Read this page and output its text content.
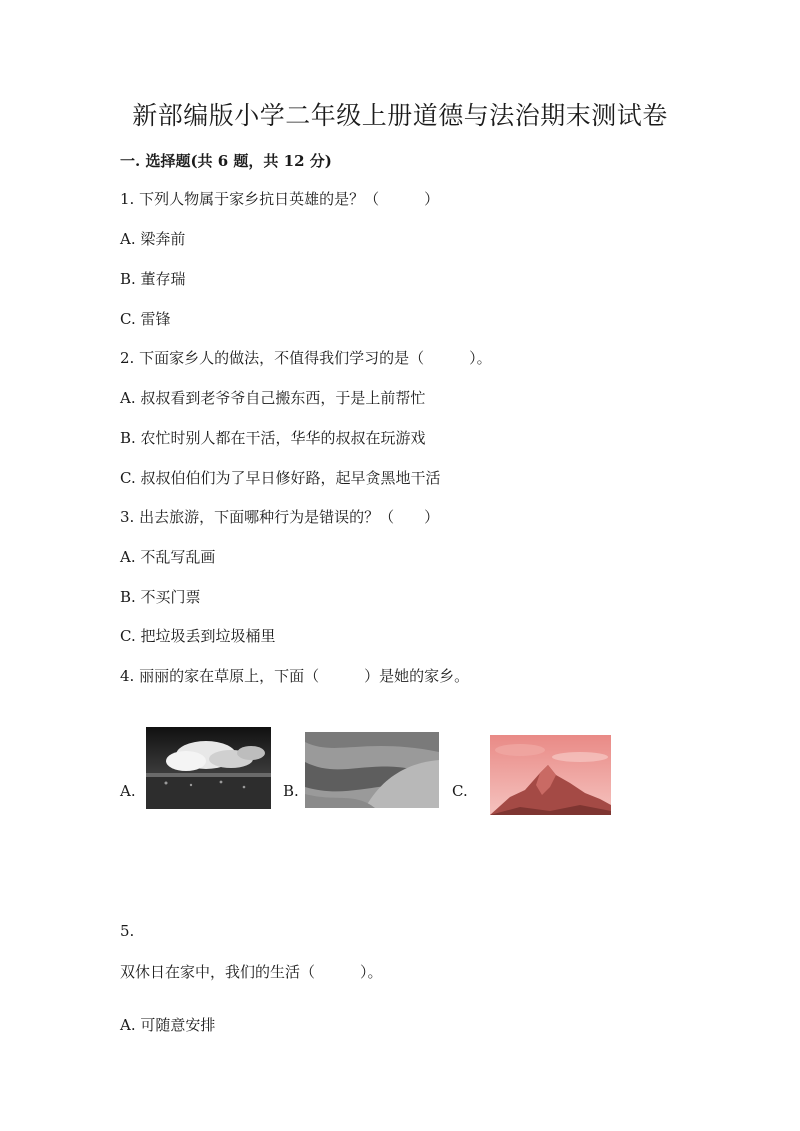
新部编版小学二年级上册道德与法治期末测试卷
一. 选择题(共 6 题，共 12 分)
1. 下列人物属于家乡抗日英雄的是？（　　　）
A. 梁奔前
B. 董存瑞
C. 雷锋
2. 下面家乡人的做法，不值得我们学习的是（　　　）。
A. 叔叔看到老爷爷自己搬东西，于是上前帮忙
B. 农忙时别人都在干活，华华的叔叔在玩游戏
C. 叔叔伯伯们为了早日修好路，起早贪黑地干活
3. 出去旅游，下面哪种行为是错误的？（　　）
A. 不乱写乱画
B. 不买门票
C. 把垃圾丢到垃圾桶里
4. 丽丽的家在草原上，下面（　　　）是她的家乡。
A.	B.	C.
5.
双休日在家中，我们的生活（　　　）。
A. 可随意安排
